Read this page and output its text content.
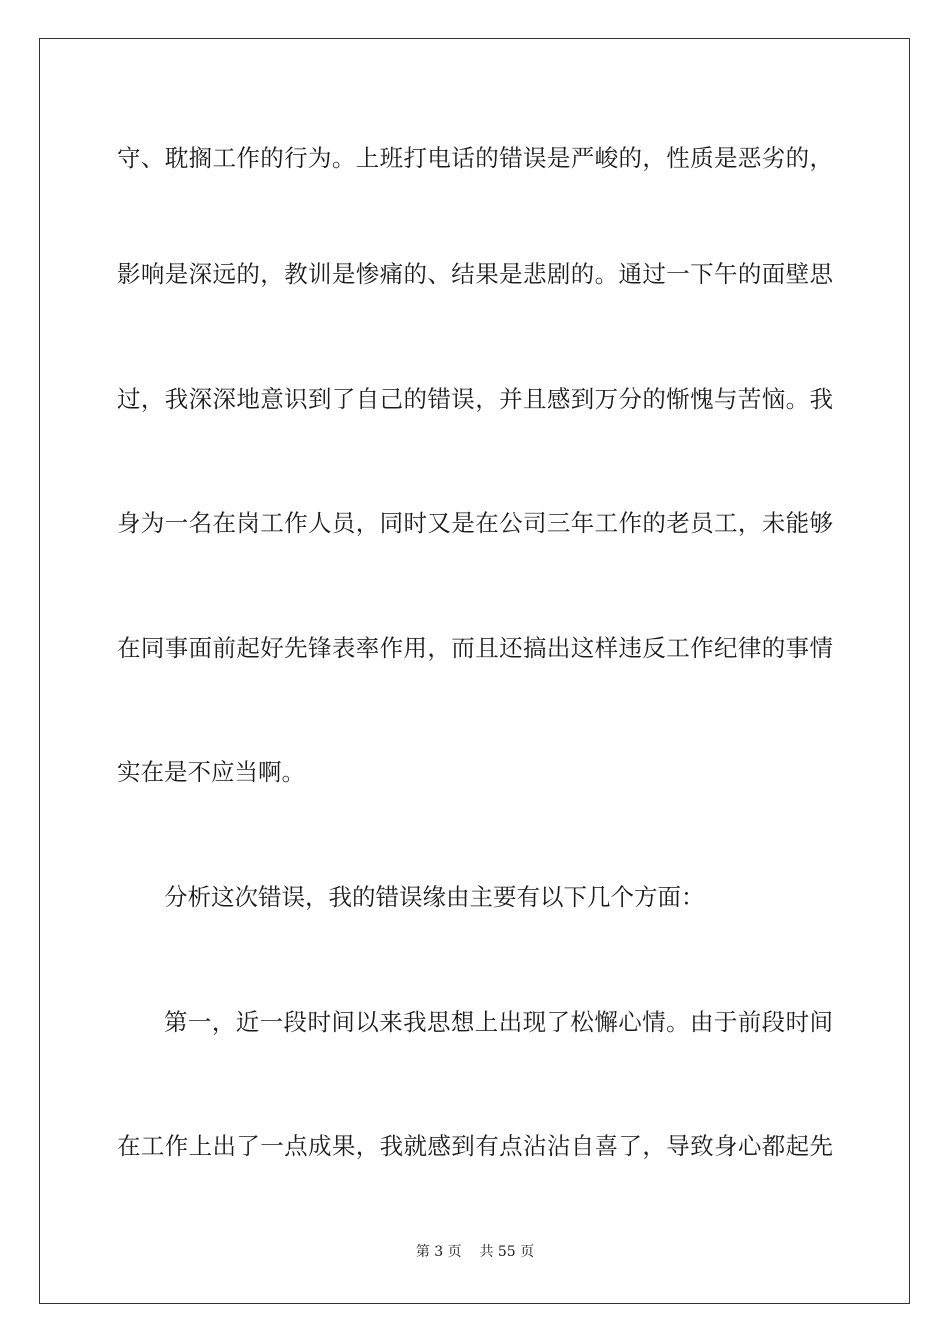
守、耽搁工作的行为。上班打电话的错误是严峻的，性质是恶劣的，

影响是深远的，教训是惨痛的、结果是悲剧的。通过一下午的面壁思

过，我深深地意识到了自己的错误，并且感到万分的惭愧与苦恼。我

身为一名在岗工作人员，同时又是在公司三年工作的老员工，未能够

在同事面前起好先锋表率作用，而且还搞出这样违反工作纪律的事情

实在是不应当啊。

分析这次错误，我的错误缘由主要有以下几个方面：

第一，近一段时间以来我思想上出现了松懈心情。由于前段时间

在工作上出了一点成果，我就感到有点沾沾自喜了，导致身心都起先

第 3 页 共 55 页
